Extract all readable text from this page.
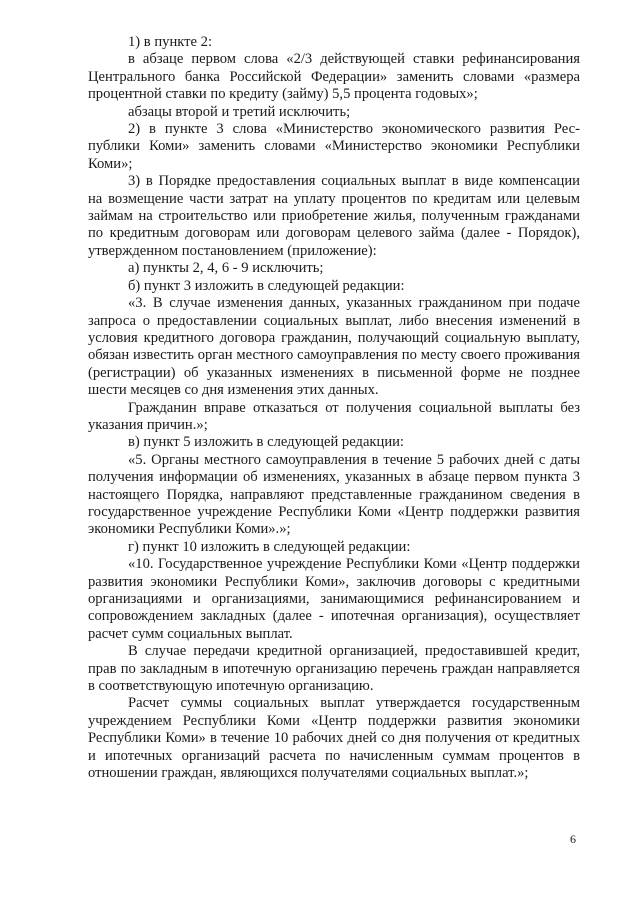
1) в пункте 2:

в абзаце первом слова «2/3 действующей ставки рефинансирования Центрального банка Российской Федерации» заменить словами «размера процентной ставки по кредиту (займу) 5,5 процента годовых»;

абзацы второй и третий исключить;

2) в пункте 3 слова «Министерство экономического развития Республики Коми» заменить словами «Министерство экономики Республики Коми»;

3) в Порядке предоставления социальных выплат в виде компенсации на возмещение части затрат на уплату процентов по кредитам или целевым займам на строительство или приобретение жилья, полученным гражданами по кредитным договорам или договорам целевого займа (далее - Порядок), утвержденном постановлением (приложение):

а) пункты 2, 4, 6 - 9 исключить;

б) пункт 3 изложить в следующей редакции:

«3. В случае изменения данных, указанных гражданином при подаче запроса о предоставлении социальных выплат, либо внесения изменений в условия кредитного договора гражданин, получающий социальную выплату, обязан известить орган местного самоуправления по месту своего проживания (регистрации) об указанных изменениях в письменной форме не позднее шести месяцев со дня изменения этих данных.

Гражданин вправе отказаться от получения социальной выплаты без указания причин.»;

в) пункт 5 изложить в следующей редакции:

«5. Органы местного самоуправления в течение 5 рабочих дней с даты получения информации об изменениях, указанных в абзаце первом пункта 3 настоящего Порядка, направляют представленные гражданином сведения в государственное учреждение Республики Коми «Центр поддержки развития экономики Республики Коми».»;

г) пункт 10 изложить в следующей редакции:

«10. Государственное учреждение Республики Коми «Центр поддержки развития экономики Республики Коми», заключив договоры с кредитными организациями и организациями, занимающимися рефинансированием и сопровождением закладных (далее - ипотечная организация), осуществляет расчет сумм социальных выплат.

В случае передачи кредитной организацией, предоставившей кредит, прав по закладным в ипотечную организацию перечень граждан направляется в соответствующую ипотечную организацию.

Расчет суммы социальных выплат утверждается государственным учреждением Республики Коми «Центр поддержки развития экономики Республики Коми» в течение 10 рабочих дней со дня получения от кредитных и ипотечных организаций расчета по начисленным суммам процентов в отношении граждан, являющихся получателями социальных выплат.»;

6
